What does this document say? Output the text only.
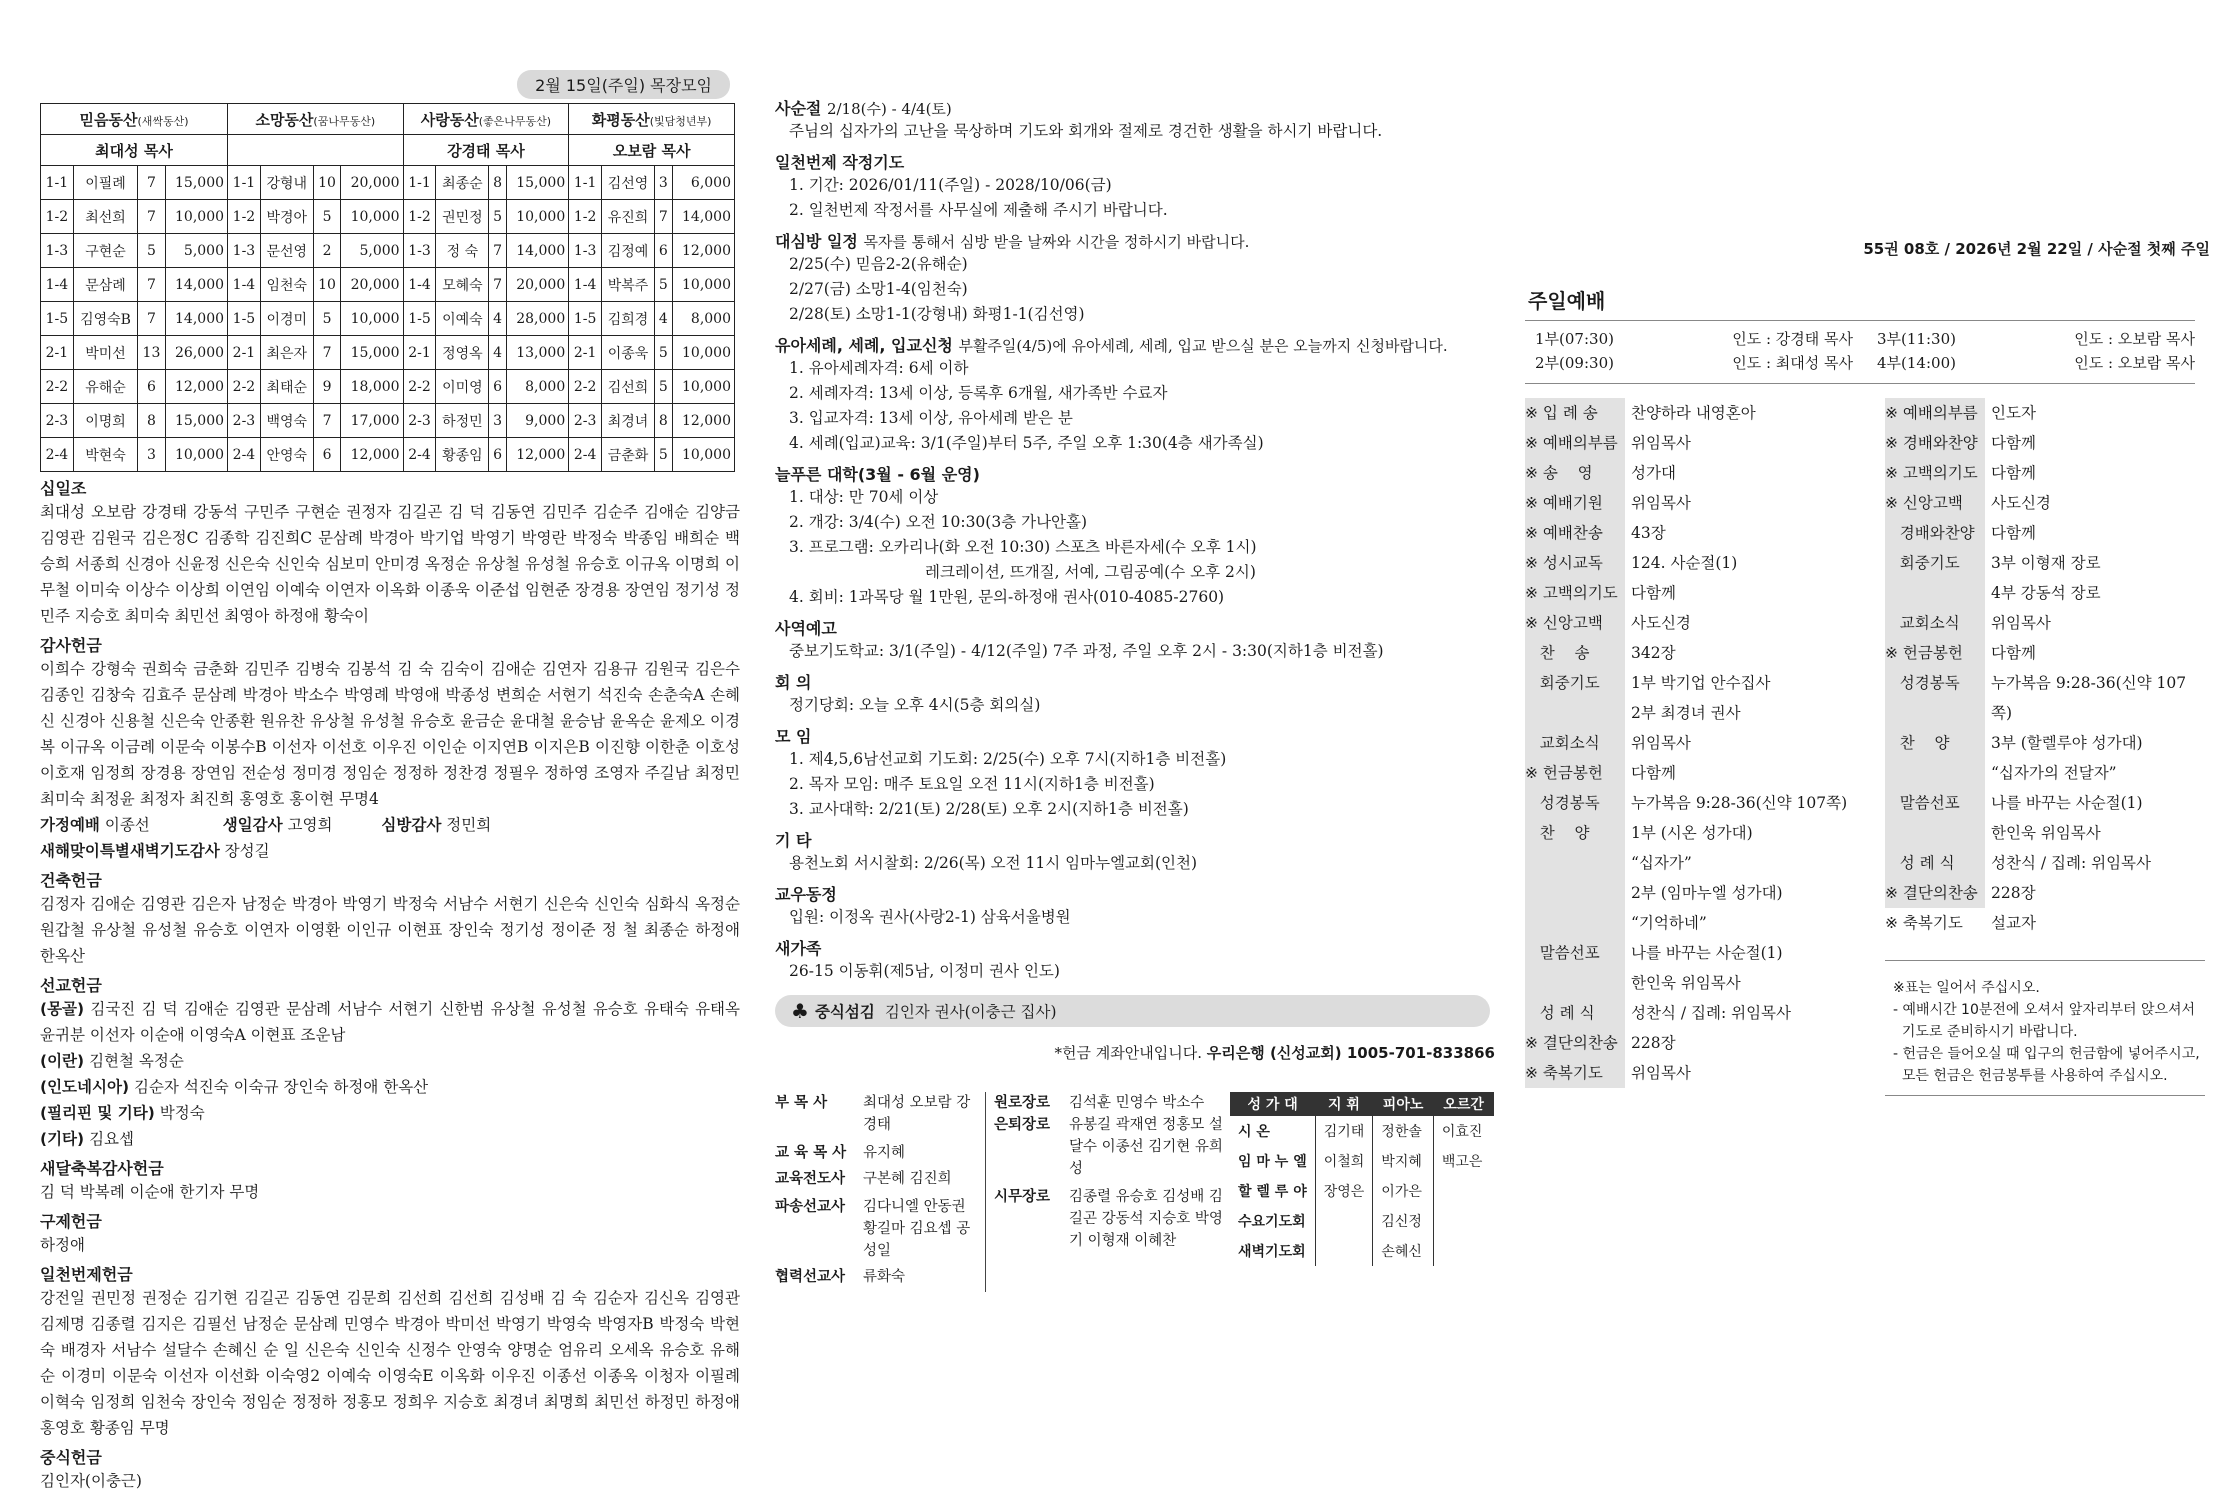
2월 15일(주일) 목장모임
믿음동산(새싹동산)				소망동산(꿈나무동산)				사랑동산(좋은나무동산)				화평동산(빛담청년부)			
최대성 목사								강경태 목사				오보람 목사			
1-1	이필례	7	15,000	1-1	강형내	10	20,000	1-1	최종순	8	15,000	1-1	김선영	3	6,000
1-2	최선희	7	10,000	1-2	박경아	5	10,000	1-2	권민정	5	10,000	1-2	유진희	7	14,000
1-3	구현순	5	5,000	1-3	문선영	2	5,000	1-3	정 숙	7	14,000	1-3	김정예	6	12,000
1-4	문삼례	7	14,000	1-4	임천숙	10	20,000	1-4	모혜숙	7	20,000	1-4	박복주	5	10,000
1-5	김영숙B	7	14,000	1-5	이경미	5	10,000	1-5	이예숙	4	28,000	1-5	김희경	4	8,000
2-1	박미선	13	26,000	2-1	최은자	7	15,000	2-1	정영옥	4	13,000	2-1	이종욱	5	10,000
2-2	유해순	6	12,000	2-2	최태순	9	18,000	2-2	이미영	6	8,000	2-2	김선희	5	10,000
2-3	이명희	8	15,000	2-3	백영숙	7	17,000	2-3	하정민	3	9,000	2-3	최경녀	8	12,000
2-4	박현숙	3	10,000	2-4	안영숙	6	12,000	2-4	황종임	6	12,000	2-4	금춘화	5	10,000
십일조

최대성 오보람 강경태 강동석 구민주 구현순 권정자 김길곤 김 덕 김동연 김민주 김순주 김애순 김양금 김영관 김원국 김은정C 김종학 김진희C 문삼례 박경아 박기업 박영기 박영란 박정숙 박종임 배희순 백승희 서종희 신경아 신윤정 신은숙 신인숙 심보미 안미경 옥정순 유상철 유성철 유승호 이규옥 이명희 이무철 이미숙 이상수 이상희 이연임 이예숙 이연자 이옥화 이종욱 이준섭 임현준 장경용 장연임 정기성 정민주 지승호 최미숙 최민선 최영아 하정애 황숙이

감사헌금

이희수 강형숙 권희숙 금춘화 김민주 김병숙 김봉석 김 숙 김숙이 김애순 김연자 김용규 김원국 김은수 김종인 김창숙 김효주 문삼례 박경아 박소수 박영례 박영애 박종성 변희순 서현기 석진숙 손춘숙A 손혜신 신경아 신용철 신은숙 안종환 원유찬 유상철 유성철 유승호 윤금순 윤대철 윤승남 윤옥순 윤제오 이경복 이규옥 이금례 이문숙 이봉수B 이선자 이선호 이우진 이인순 이지연B 이지은B 이진향 이한춘 이호성 이호재 임정희 장경용 장연임 전순성 정미경 정임순 정정하 정찬경 정필우 정하영 조영자 주길남 최정민 최미숙 최정윤 최정자 최진희 홍영호 홍이현 무명4

가정예배 이종선	생일감사 고영희	심방감사 정민희

새해맞이특별새벽기도감사 장성길

건축헌금

김정자 김애순 김영관 김은자 남정순 박경아 박영기 박정숙 서남수 서현기 신은숙 신인숙 심화식 옥정순 원갑철 유상철 유성철 유승호 이연자 이영환 이인규 이현표 장인숙 정기성 정이준 정 철 최종순 하정애 한옥산

선교헌금

(몽골) 김국진 김 덕 김애순 김영관 문삼례 서남수 서현기 신한범 유상철 유성철 유승호 유태숙 유태옥 윤귀분 이선자 이순애 이영숙A 이현표 조운남

(이란) 김현철 옥정순

(인도네시아) 김순자 석진숙 이숙규 장인숙 하정애 한옥산

(필리핀 및 기타) 박정숙

(기타) 김요셉

새달축복감사헌금

김 덕 박복례 이순애 한기자 무명

구제헌금

하정애

일천번제헌금

강전일 권민정 권정순 김기현 김길곤 김동연 김문희 김선희 김선희 김성배 김 숙 김순자 김신옥 김영관 김제명 김종렬 김지은 김필선 남정순 문삼례 민영수 박경아 박미선 박영기 박영숙 박영자B 박정숙 박현숙 배경자 서남수 설달수 손혜신 순 일 신은숙 신인숙 신정수 안영숙 양명순 엄유리 오세옥 유승호 유해순 이경미 이문숙 이선자 이선화 이숙영2 이예숙 이영숙E 이옥화 이우진 이종선 이종옥 이청자 이필례 이혁숙 임정희 임천숙 장인숙 정임순 정정하 정홍모 정희우 지승호 최경녀 최명희 최민선 하정민 하정애 홍영호 황종임 무명

중식헌금

김인자(이충근)

사순절 2/18(수) - 4/4(토)

주님의 십자가의 고난을 묵상하며 기도와 회개와 절제로 경건한 생활을 하시기 바랍니다.

일천번제 작정기도

1. 기간: 2026/01/11(주일) - 2028/10/06(금)

2. 일천번제 작정서를 사무실에 제출해 주시기 바랍니다.

대심방 일정 목자를 통해서 심방 받을 날짜와 시간을 정하시기 바랍니다.

2/25(수) 믿음2-2(유해순)

2/27(금) 소망1-4(임천숙)

2/28(토) 소망1-1(강형내) 화평1-1(김선영)

유아세례, 세례, 입교신청 부활주일(4/5)에 유아세례, 세례, 입교 받으실 분은 오늘까지 신청바랍니다.

1. 유아세례자격: 6세 이하

2. 세례자격: 13세 이상, 등록후 6개월, 새가족반 수료자

3. 입교자격: 13세 이상, 유아세례 받은 분

4. 세례(입교)교육: 3/1(주일)부터 5주, 주일 오후 1:30(4층 새가족실)

늘푸른 대학(3월 - 6월 운영)

1. 대상: 만 70세 이상

2. 개강: 3/4(수) 오전 10:30(3층 가나안홀)

3. 프로그램: 오카리나(화 오전 10:30) 스포츠 바른자세(수 오후 1시)

레크레이션, 뜨개질, 서예, 그림공예(수 오후 2시)

4. 회비: 1과목당 월 1만원, 문의-하정애 권사(010-4085-2760)

사역예고

중보기도학교: 3/1(주일) - 4/12(주일) 7주 과정, 주일 오후 2시 - 3:30(지하1층 비전홀)

회 의

정기당회: 오늘 오후 4시(5층 회의실)

모 임

1. 제4,5,6남선교회 기도회: 2/25(수) 오후 7시(지하1층 비전홀)

2. 목자 모임: 매주 토요일 오전 11시(지하1층 비전홀)

3. 교사대학: 2/21(토) 2/28(토) 오후 2시(지하1층 비전홀)

기 타

용천노회 서시찰회: 2/26(목) 오전 11시 임마누엘교회(인천)

교우동정

입원: 이정옥 권사(사랑2-1) 삼육서울병원

새가족

26-15 이동휘(제5남, 이정미 권사 인도)

♣ 중식섬김 김인자 권사(이충근 집사)
*헌금 계좌안내입니다. 우리은행 (신성교회) 1005-701-833866
부 목 사	최대성 오보람 강경태
교 육 목 사	유지혜
교육전도사	구본혜 김진희
파송선교사	김다니엘 안동권 황길마 김요셉 공성일
협력선교사	류화숙
원로장로	김석훈 민영수 박소수
은퇴장로	유봉길 곽재연 정홍모 설달수 이종선 김기현 유희성
시무장로	김종렬 유승호 김성배 김길곤 강동석 지승호 박영기 이형재 이혜찬
성 가 대	지 휘	피아노	오르간
시 온	김기태	정한솔	이효진
임 마 누 엘	이철희	박지혜	백고은
할 렐 루 야	장영은	이가은	
수요기도회		김신정	
새벽기도회		손혜신	
55권 08호 / 2026년 2월 22일 / 사순절 첫째 주일
주일예배
1부(07:30)	인도 : 강경태 목사 3부(11:30)	인도 : 오보람 목사
2부(09:30)	인도 : 최대성 목사 4부(14:00)	인도 : 오보람 목사
※ 입 례 송	찬양하라 내영혼아
※ 예배의부름 위임목사
※ 송    영	성가대
※ 예배기원	위임목사
※ 예배찬송	43장
※ 성시교독	124. 사순절(1)
※ 고백의기도 다함께
※ 신앙고백	사도신경
찬    송	342장
회중기도	1부 박기업 안수집사
2부 최경녀 권사
교회소식	위임목사
※ 헌금봉헌	다함께
성경봉독	누가복음 9:28-36(신약 107쪽)
찬    양	1부 (시온 성가대)
“십자가”
2부 (임마누엘 성가대)
“기억하네”
말씀선포	나를 바꾸는 사순절(1)
한인욱 위임목사
성 례 식	성찬식 / 집례: 위임목사
※ 결단의찬송 228장
※ 축복기도	위임목사
※ 예배의부름 인도자
※ 경배와찬양 다함께
※ 고백의기도 다함께
※ 신앙고백	사도신경
경배와찬양	다함께
회중기도	3부 이형재 장로
4부 강동석 장로
교회소식	위임목사
※ 헌금봉헌	다함께
성경봉독	누가복음 9:28-36(신약 107쪽)
찬    양	3부 (할렐루야 성가대)
“십자가의 전달자”
말씀선포	나를 바꾸는 사순절(1)
한인욱 위임목사
성 례 식	성찬식 / 집례: 위임목사
※ 결단의찬송 228장
※ 축복기도	설교자
※표는 일어서 주십시오.
- 예배시간 10분전에 오셔서 앞자리부터 앉으셔서
기도로 준비하시기 바랍니다.
- 헌금은 들어오실 때 입구의 헌금함에 넣어주시고,
모든 헌금은 헌금봉투를 사용하여 주십시오.
